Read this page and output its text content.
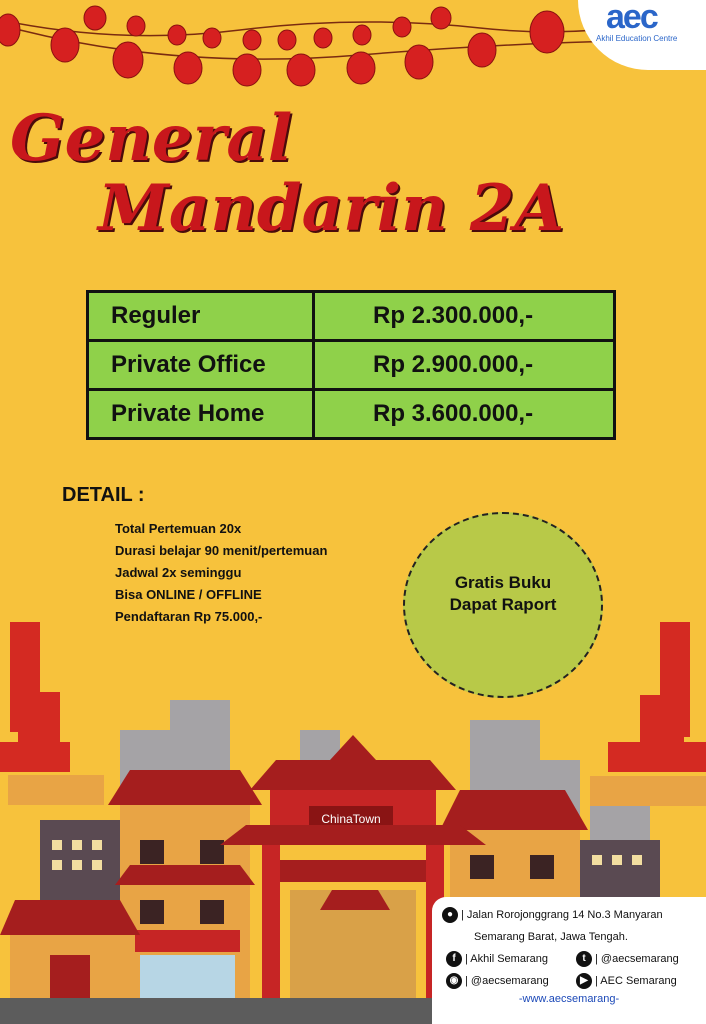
aec
Akhil Education Centre
General
Mandarin 2A
Reguler	Rp 2.300.000,-
Private Office	Rp 2.900.000,-
Private Home	Rp 3.600.000,-
DETAIL :
Total Pertemuan 20x
Durasi belajar 90 menit/pertemuan
Jadwal 2x seminggu
Bisa ONLINE / OFFLINE
Pendaftaran Rp 75.000,-
Gratis Buku
Dapat Raport
ChinaTown
● | Jalan Rorojonggrang 14 No.3 Manyaran
Semarang Barat, Jawa Tengah.
f | Akhil Semarang	t | @aecsemarang
◉ | @aecsemarang	▶ | AEC Semarang
-www.aecsemarang-
